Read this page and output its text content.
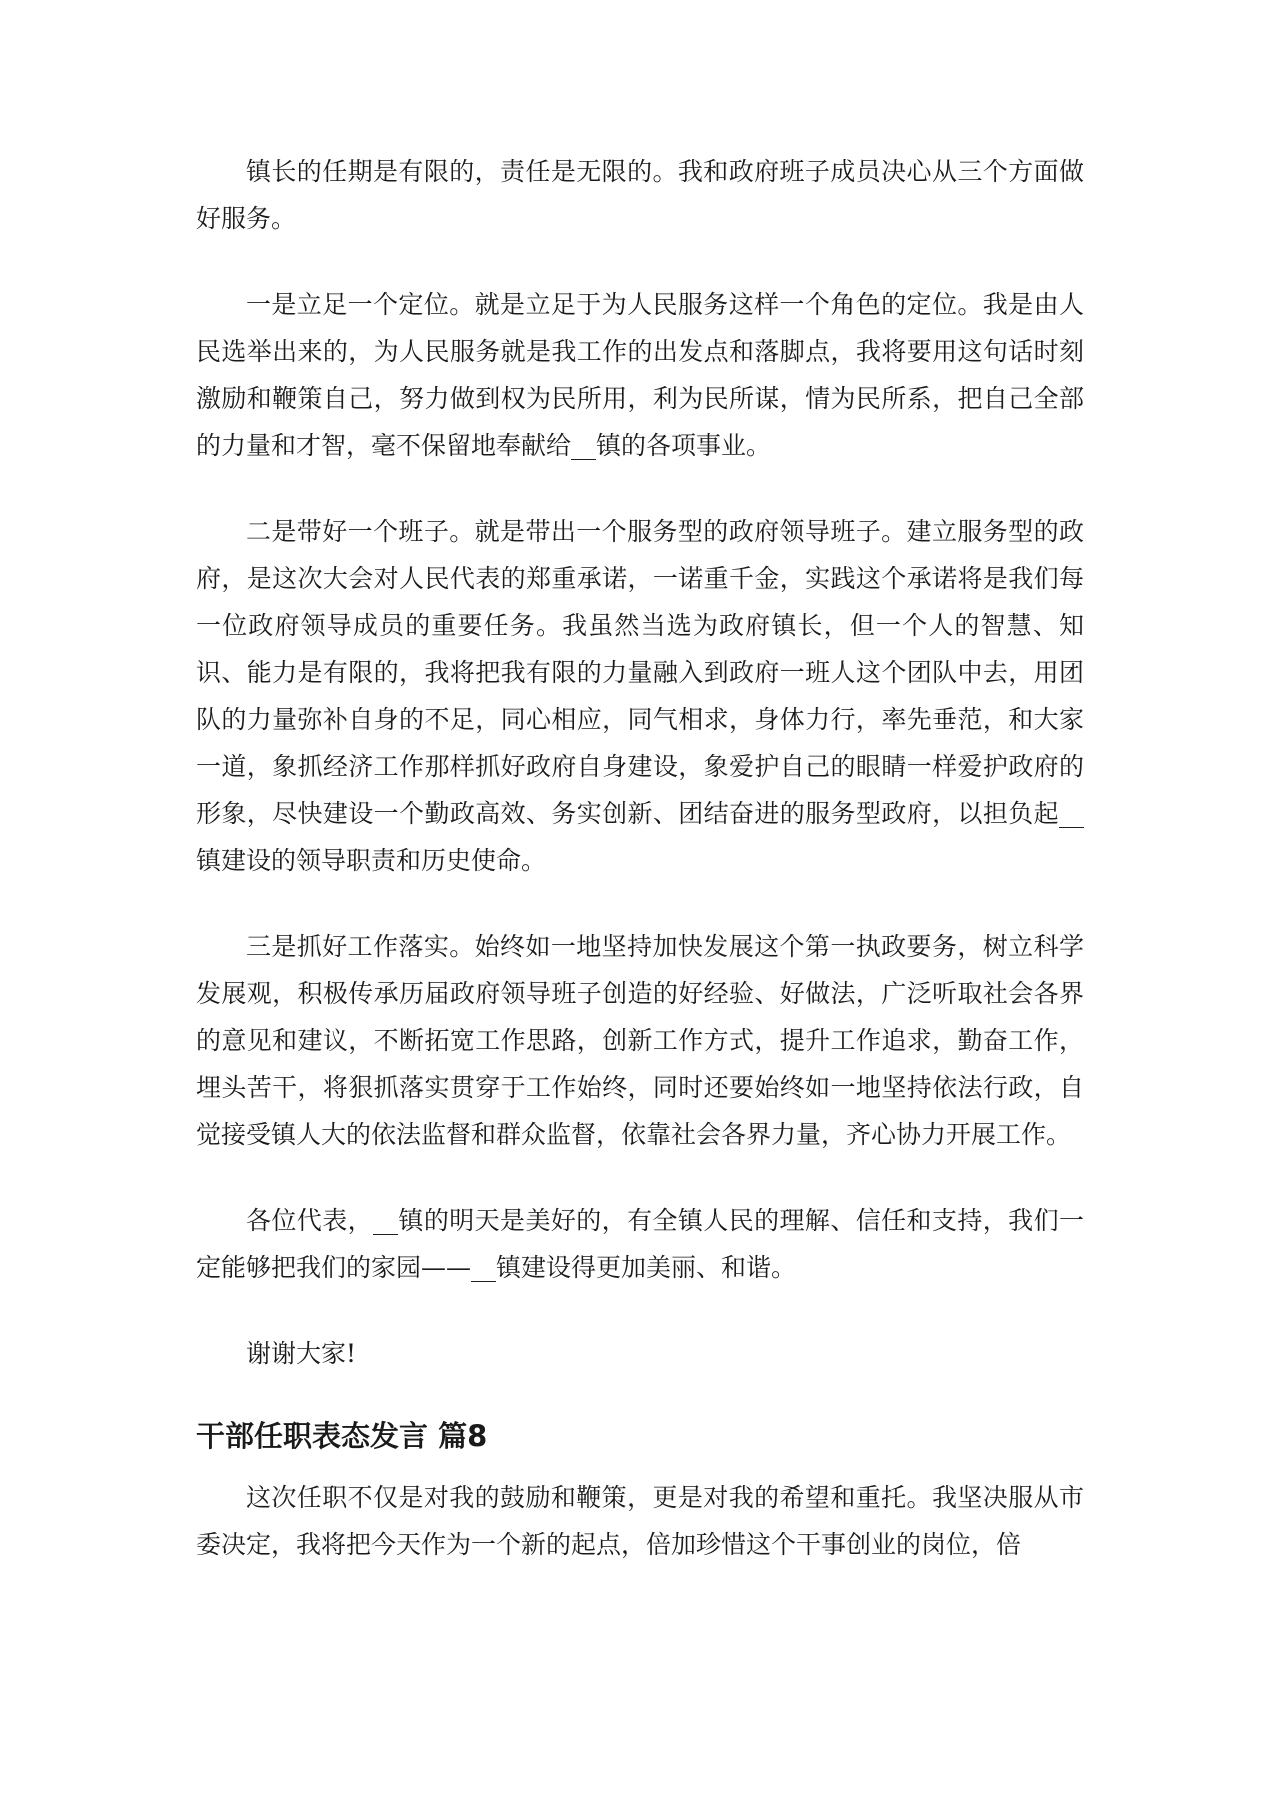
镇长的任期是有限的，责任是无限的。我和政府班子成员决心从三个方面做好服务。

一是立足一个定位。就是立足于为人民服务这样一个角色的定位。我是由人民选举出来的，为人民服务就是我工作的出发点和落脚点，我将要用这句话时刻激励和鞭策自己，努力做到权为民所用，利为民所谋，情为民所系，把自己全部的力量和才智，毫不保留地奉献给__镇的各项事业。

二是带好一个班子。就是带出一个服务型的政府领导班子。建立服务型的政府，是这次大会对人民代表的郑重承诺，一诺重千金，实践这个承诺将是我们每一位政府领导成员的重要任务。我虽然当选为政府镇长，但一个人的智慧、知识、能力是有限的，我将把我有限的力量融入到政府一班人这个团队中去，用团队的力量弥补自身的不足，同心相应，同气相求，身体力行，率先垂范，和大家一道，象抓经济工作那样抓好政府自身建设，象爱护自己的眼睛一样爱护政府的形象，尽快建设一个勤政高效、务实创新、团结奋进的服务型政府，以担负起__镇建设的领导职责和历史使命。

三是抓好工作落实。始终如一地坚持加快发展这个第一执政要务，树立科学发展观，积极传承历届政府领导班子创造的好经验、好做法，广泛听取社会各界的意见和建议，不断拓宽工作思路，创新工作方式，提升工作追求，勤奋工作，埋头苦干，将狠抓落实贯穿于工作始终，同时还要始终如一地坚持依法行政，自觉接受镇人大的依法监督和群众监督，依靠社会各界力量，齐心协力开展工作。

各位代表，__镇的明天是美好的，有全镇人民的理解、信任和支持，我们一定能够把我们的家园——__镇建设得更加美丽、和谐。

谢谢大家!

干部任职表态发言 篇8

这次任职不仅是对我的鼓励和鞭策，更是对我的希望和重托。我坚决服从市委决定，我将把今天作为一个新的起点，倍加珍惜这个干事创业的岗位，倍
